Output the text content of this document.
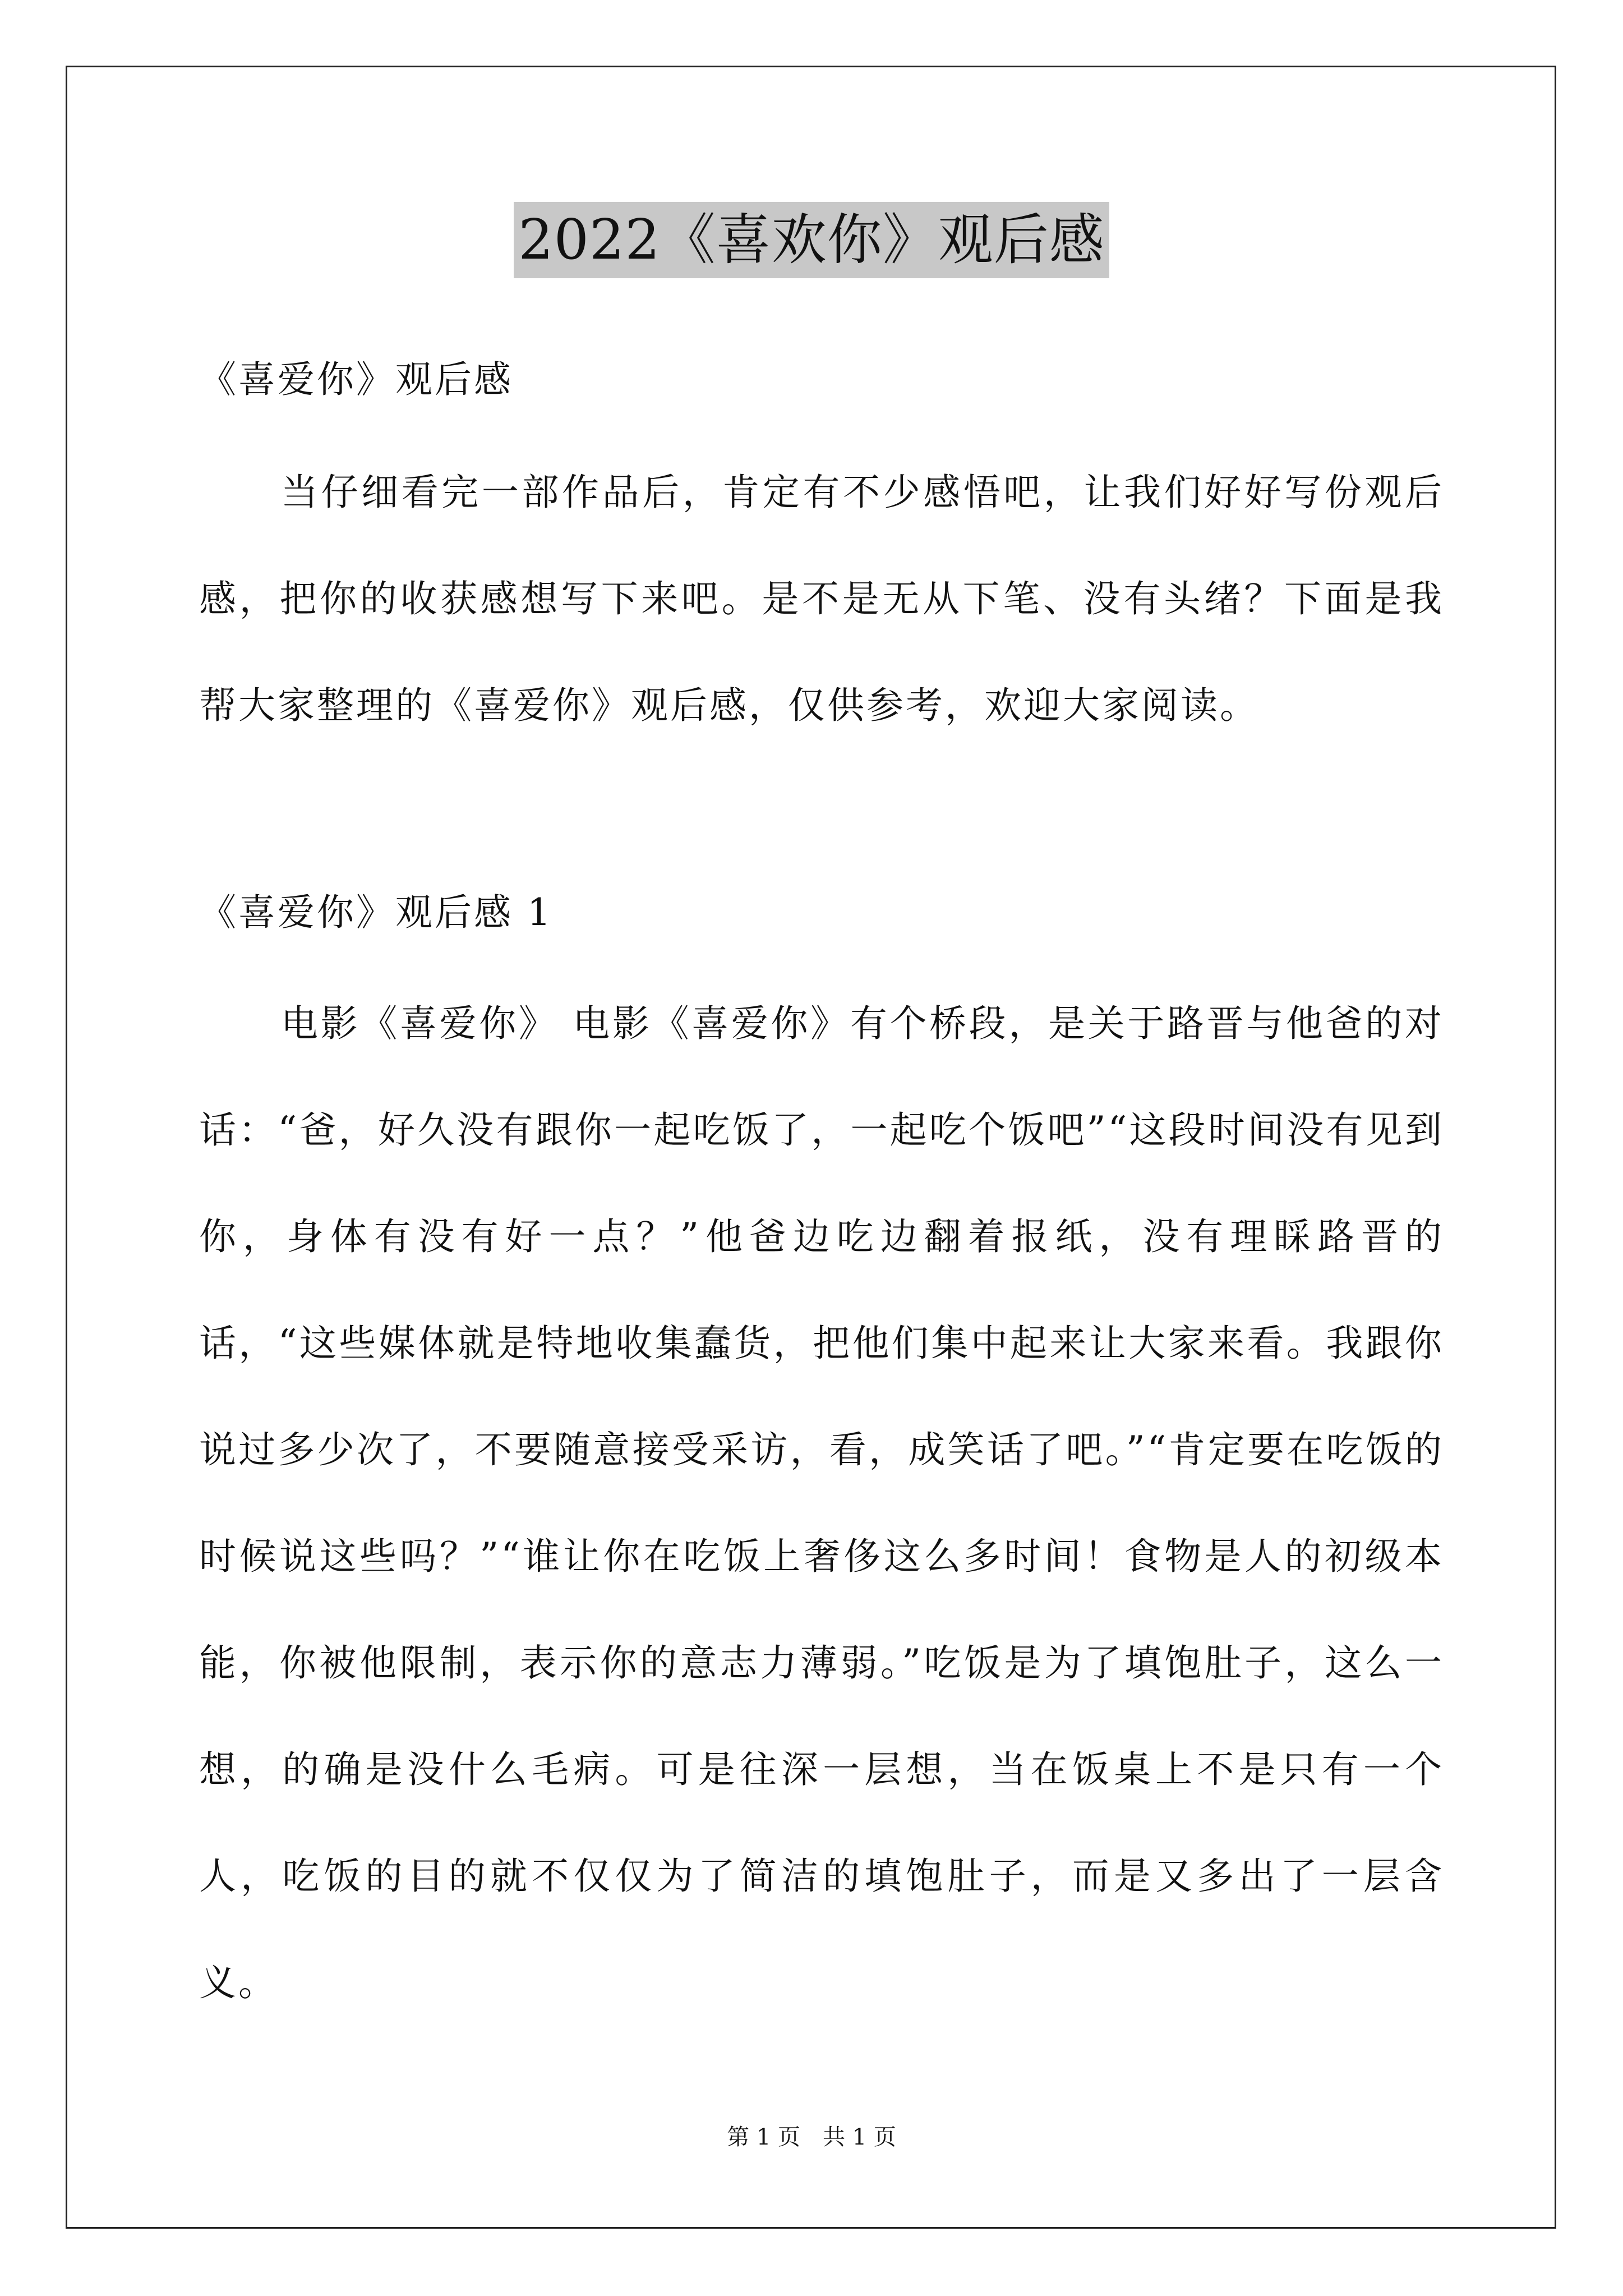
2022《喜欢你》观后感
《喜爱你》观后感
当仔细看完一部作品后，肯定有不少感悟吧，让我们好好写份观后感，把你的收获感想写下来吧。是不是无从下笔、没有头绪？下面是我帮大家整理的《喜爱你》观后感，仅供参考，欢迎大家阅读。
《喜爱你》观后感 1
电影《喜爱你》 电影《喜爱你》有个桥段，是关于路晋与他爸的对话：“爸，好久没有跟你一起吃饭了，一起吃个饭吧”“这段时间没有见到你，身体有没有好一点？”他爸边吃边翻着报纸，没有理睬路晋的话，“这些媒体就是特地收集蠢货，把他们集中起来让大家来看。我跟你说过多少次了，不要随意接受采访，看，成笑话了吧。”“肯定要在吃饭的时候说这些吗？”“谁让你在吃饭上奢侈这么多时间！食物是人的初级本能，你被他限制，表示你的意志力薄弱。”吃饭是为了填饱肚子，这么一想，的确是没什么毛病。可是往深一层想，当在饭桌上不是只有一个人，吃饭的目的就不仅仅为了简洁的填饱肚子，而是又多出了一层含义。
第 1 页 共 1 页
